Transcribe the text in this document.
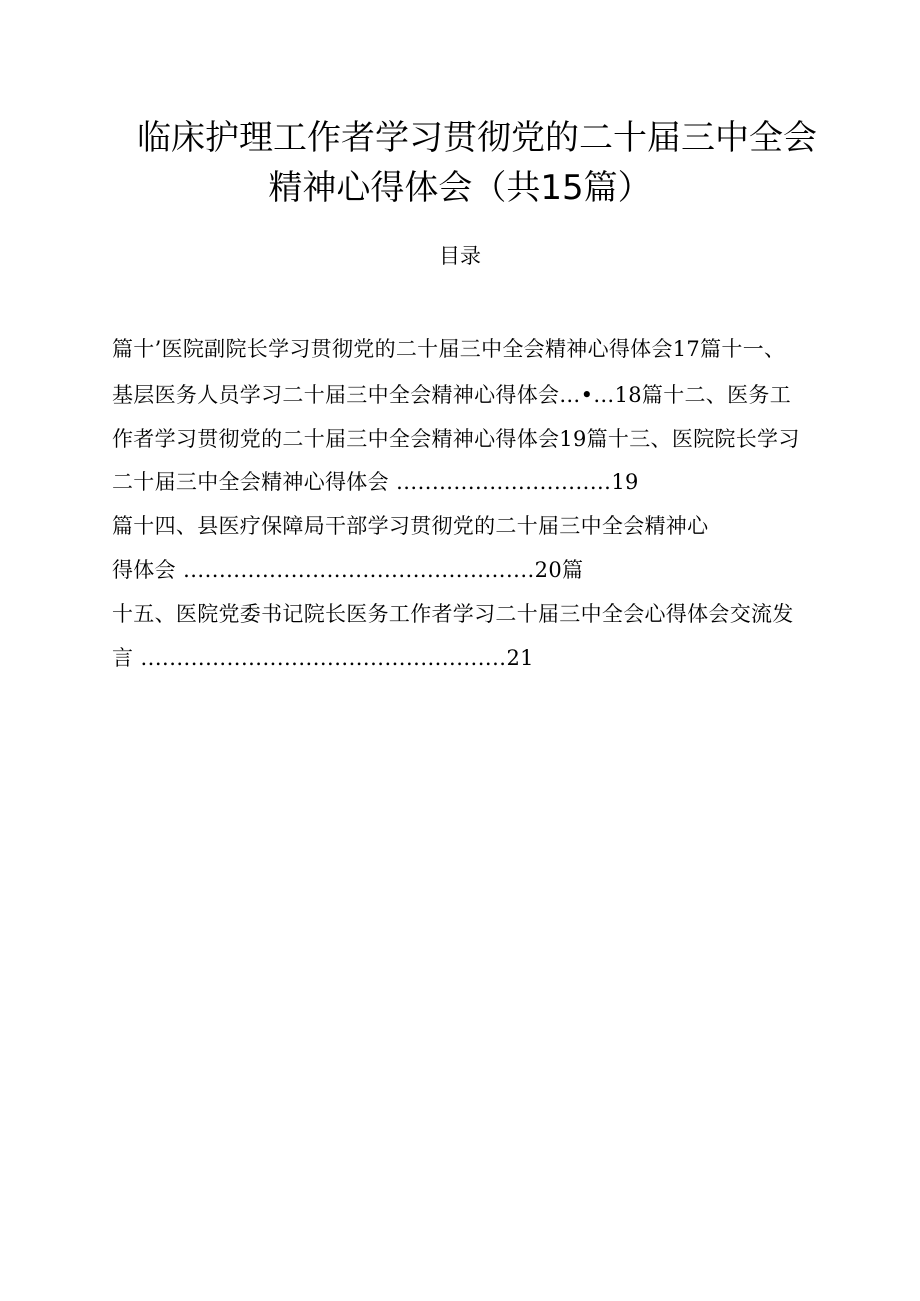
临床护理工作者学习贯彻党的二十届三中全会
精神心得体会（共15篇）
目录
篇十’医院副院长学习贯彻党的二十届三中全会精神心得体会17篇十一、
基层医务人员学习二十届三中全会精神心得体会…•…18篇十二、医务工
作者学习贯彻党的二十届三中全会精神心得体会19篇十三、医院院长学习
二十届三中全会精神心得体会 ..............................19
篇十四、县医疗保障局干部学习贯彻党的二十届三中全会精神心
得体会 .................................................20篇
十五、医院党委书记院长医务工作者学习二十届三中全会心得体会交流发
言 ...................................................21
